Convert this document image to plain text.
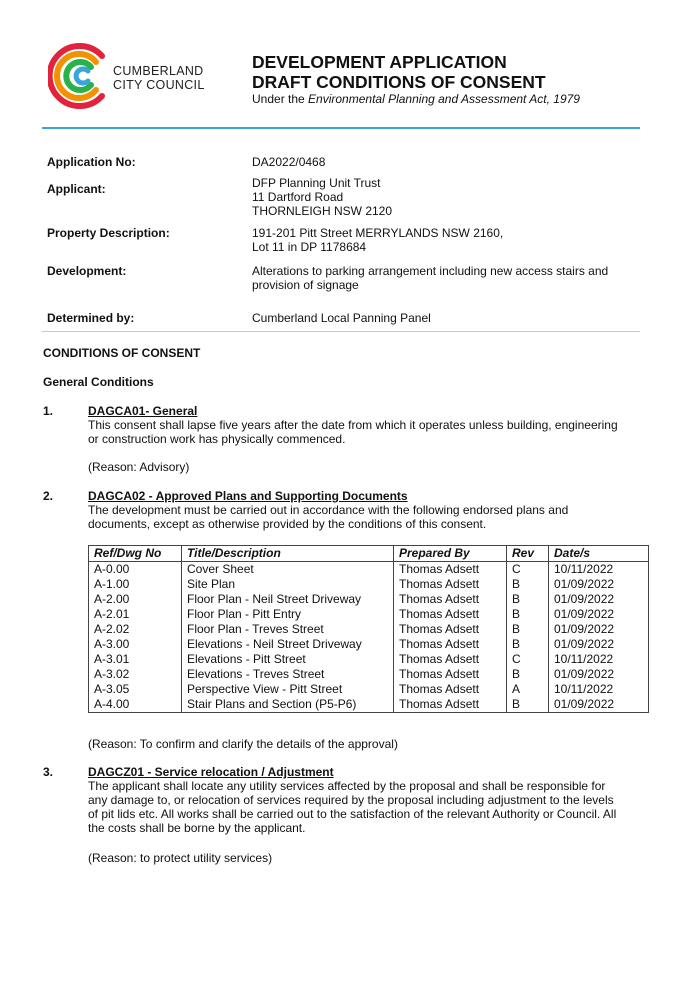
CUMBERLAND
CITY COUNCIL
DEVELOPMENT APPLICATION
DRAFT CONDITIONS OF CONSENT
Under the Environmental Planning and Assessment Act, 1979
Application No:	DA2022/0468
Applicant:	DFP Planning Unit Trust
11 Dartford Road
THORNLEIGH NSW 2120
Property Description:	191-201 Pitt Street MERRYLANDS NSW 2160,
Lot 11 in DP 1178684
Development:	Alterations to parking arrangement including new access stairs and
provision of signage
Determined by:	Cumberland Local Panning Panel
CONDITIONS OF CONSENT
General Conditions
1.	DAGCA01- General
This consent shall lapse five years after the date from which it operates unless building, engineering
or construction work has physically commenced.
(Reason: Advisory)
2.	DAGCA02 - Approved Plans and Supporting Documents
The development must be carried out in accordance with the following endorsed plans and
documents, except as otherwise provided by the conditions of this consent.
Ref/Dwg No	Title/Description	Prepared By	Rev	Date/s
A-0.00	Cover Sheet	Thomas Adsett	C	10/11/2022
A-1.00	Site Plan	Thomas Adsett	B	01/09/2022
A-2.00	Floor Plan - Neil Street Driveway	Thomas Adsett	B	01/09/2022
A-2.01	Floor Plan - Pitt Entry	Thomas Adsett	B	01/09/2022
A-2.02	Floor Plan - Treves Street	Thomas Adsett	B	01/09/2022
A-3.00	Elevations - Neil Street Driveway	Thomas Adsett	B	01/09/2022
A-3.01	Elevations - Pitt Street	Thomas Adsett	C	10/11/2022
A-3.02	Elevations - Treves Street	Thomas Adsett	B	01/09/2022
A-3.05	Perspective View - Pitt Street	Thomas Adsett	A	10/11/2022
A-4.00	Stair Plans and Section (P5-P6)	Thomas Adsett	B	01/09/2022
(Reason: To confirm and clarify the details of the approval)
3.	DAGCZ01 - Service relocation / Adjustment
The applicant shall locate any utility services affected by the proposal and shall be responsible for
any damage to, or relocation of services required by the proposal including adjustment to the levels
of pit lids etc. All works shall be carried out to the satisfaction of the relevant Authority or Council. All
the costs shall be borne by the applicant.
(Reason: to protect utility services)
